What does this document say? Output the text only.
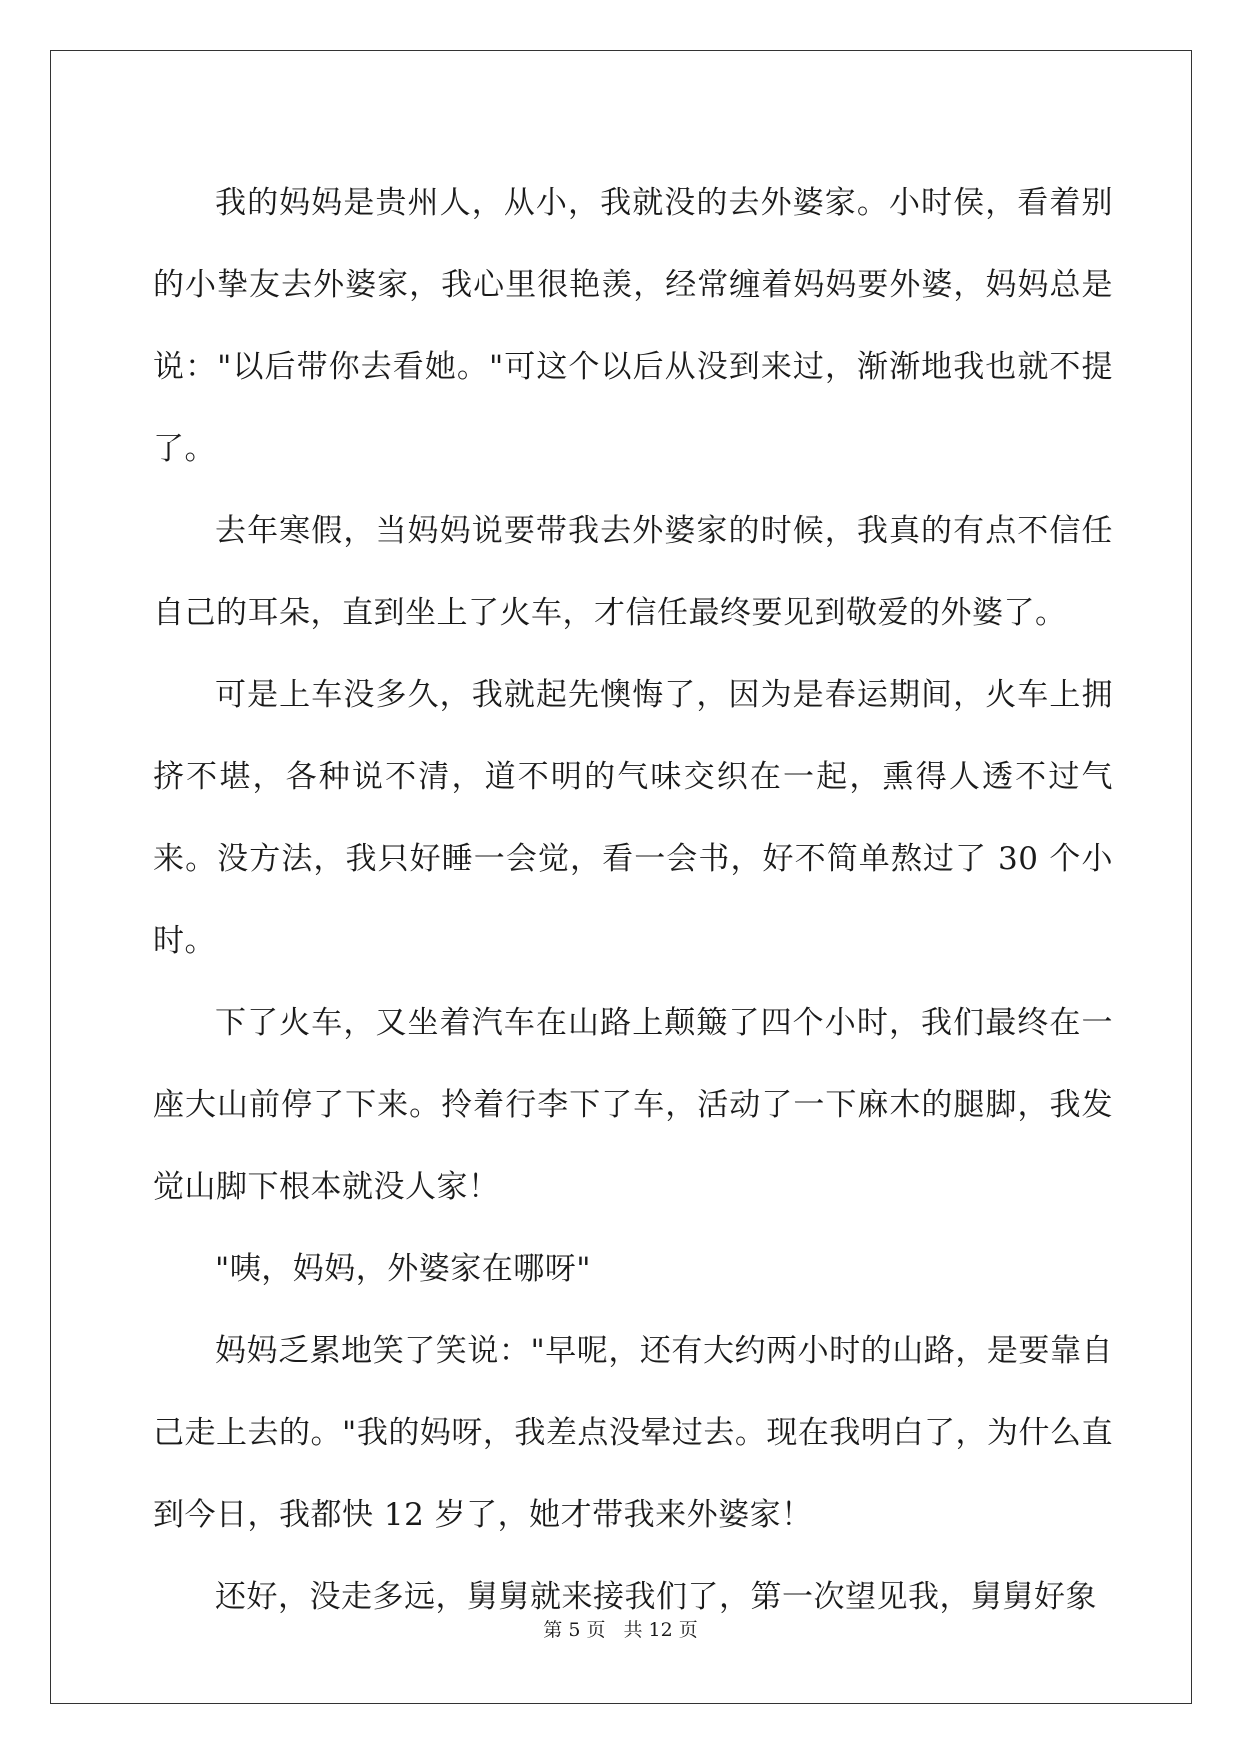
我的妈妈是贵州人，从小，我就没的去外婆家。小时侯，看着别的小挚友去外婆家，我心里很艳羡，经常缠着妈妈要外婆，妈妈总是说："以后带你去看她。"可这个以后从没到来过，渐渐地我也就不提了。

去年寒假，当妈妈说要带我去外婆家的时候，我真的有点不信任自己的耳朵，直到坐上了火车，才信任最终要见到敬爱的外婆了。

可是上车没多久，我就起先懊悔了，因为是春运期间，火车上拥挤不堪，各种说不清，道不明的气味交织在一起，熏得人透不过气来。没方法，我只好睡一会觉，看一会书，好不简单熬过了 30 个小时。

下了火车，又坐着汽车在山路上颠簸了四个小时，我们最终在一座大山前停了下来。拎着行李下了车，活动了一下麻木的腿脚，我发觉山脚下根本就没人家！

"咦，妈妈，外婆家在哪呀"

妈妈乏累地笑了笑说："早呢，还有大约两小时的山路，是要靠自己走上去的。"我的妈呀，我差点没晕过去。现在我明白了，为什么直到今日，我都快 12 岁了，她才带我来外婆家！

还好，没走多远，舅舅就来接我们了，第一次望见我，舅舅好象

第 5 页 共 12 页
